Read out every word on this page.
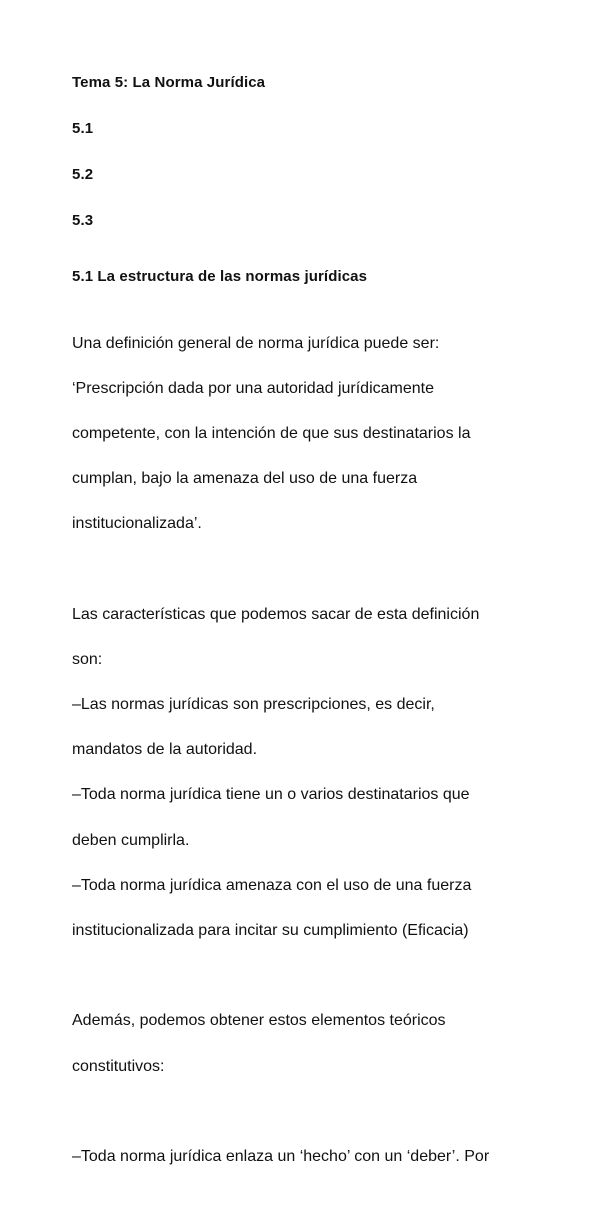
Tema 5: La Norma Jurídica

5.1

5.2

5.3

5.1 La estructura de las normas jurídicas

Una definición general de norma jurídica puede ser:

‘Prescripción dada por una autoridad jurídicamente

competente, con la intención de que sus destinatarios la

cumplan, bajo la amenaza del uso de una fuerza

institucionalizada’.

Las características que podemos sacar de esta definición

son:

–Las normas jurídicas son prescripciones, es decir,

mandatos de la autoridad.

–Toda norma jurídica tiene un o varios destinatarios que

deben cumplirla.

–Toda norma jurídica amenaza con el uso de una fuerza

institucionalizada para incitar su cumplimiento (Eficacia)

Además, podemos obtener estos elementos teóricos

constitutivos:

–Toda norma jurídica enlaza un ‘hecho’ con un ‘deber’. Por
